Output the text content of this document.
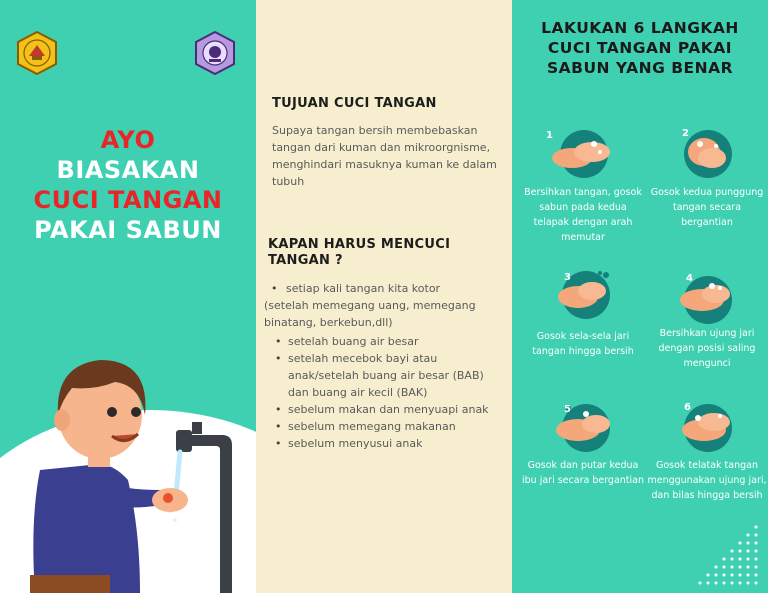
AYO
BIASAKAN
CUCI TANGAN
PAKAI SABUN
TUJUAN CUCI TANGAN
Supaya tangan bersih membebaskan tangan dari kuman dan mikroorgnisme, menghindari masuknya kuman ke dalam tubuh
KAPAN HARUS MENCUCI
TANGAN ?
• setiap kali tangan kita kotor
(setelah memegang uang, memegang binatang, berkebun,dll)
• setelah buang air besar
• setelah mecebok bayi atau anak/setelah buang air besar (BAB) dan buang air kecil (BAK)
• sebelum makan dan menyuapi anak
• sebelum memegang makanan
• sebelum menyusui anak
LAKUKAN 6 LANGKAH
CUCI TANGAN PAKAI
SABUN YANG BENAR
1	2
Bersihkan tangan, gosok sabun pada kedua telapak dengan arah memutar
Gosok kedua punggung tangan secara bergantian
3	4
Gosok sela-sela jari tangan hingga bersih
Bersihkan ujung jari dengan posisi saling mengunci
5	6
Gosok dan putar kedua ibu jari secara bergantian
Gosok telatak tangan menggunakan ujung jari, dan bilas hingga bersih
